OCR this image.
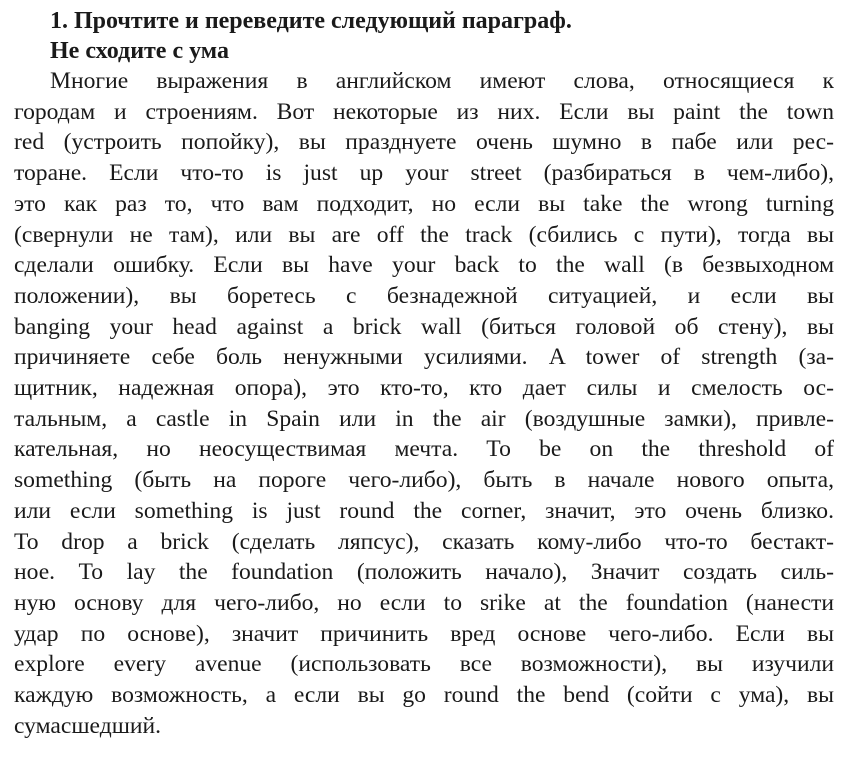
1. Прочтите и переведите следующий параграф.
Не сходите с ума
Многие выражения в английском имеют слова, относящиеся к
городам и строениям. Вот некоторые из них. Если вы paint the town
red (устроить попойку), вы празднуете очень шумно в пабе или рес-
торане. Если что-то is just up your street (разбираться в чем-либо),
это как раз то, что вам подходит, но если вы take the wrong turning
(свернули не там), или вы are off the track (сбились с пути), тогда вы
сделали ошибку. Если вы have your back to the wall (в безвыходном
положении), вы боретесь с безнадежной ситуацией, и если вы
banging your head against a brick wall (биться головой об стену), вы
причиняете себе боль ненужными усилиями. A tower of strength (за-
щитник, надежная опора), это кто-то, кто дает силы и смелость ос-
тальным, a castle in Spain или in the air (воздушные замки), привле-
кательная, но неосуществимая мечта. To be on the threshold of
something (быть на пороге чего-либо), быть в начале нового опыта,
или если something is just round the corner, значит, это очень близко.
To drop a brick (сделать ляпсус), сказать кому-либо что-то бестакт-
ное. To lay the foundation (положить начало), Значит создать силь-
ную основу для чего-либо, но если to srike at the foundation (нанести
удар по основе), значит причинить вред основе чего-либо. Если вы
explore every avenue (использовать все возможности), вы изучили
каждую возможность, а если вы go round the bend (сойти с ума), вы
сумасшедший.
